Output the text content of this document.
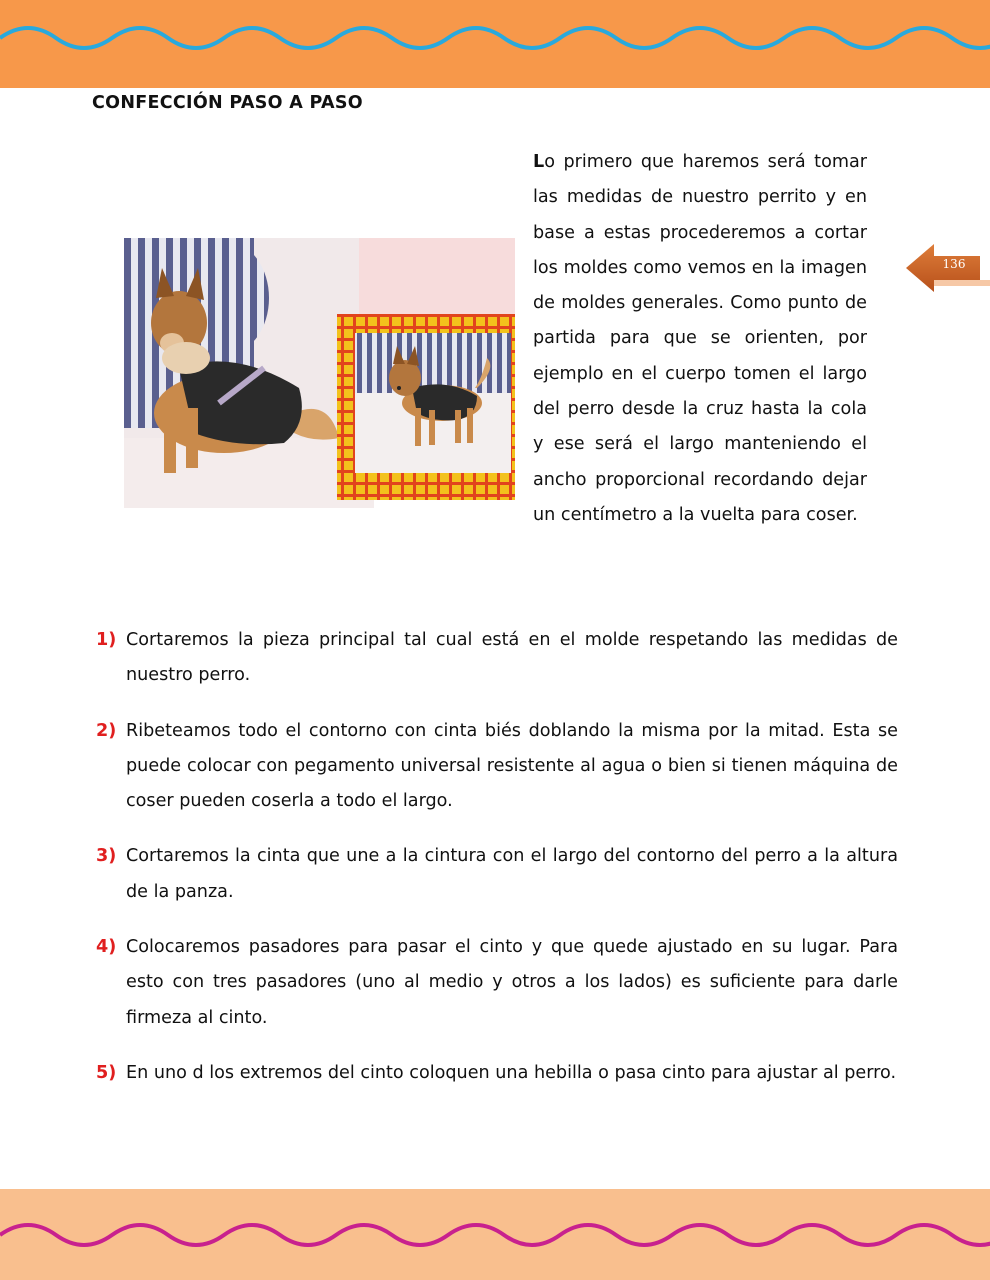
CONFECCIÓN PASO A PASO

Lo primero que haremos será tomar las medidas de nuestro perrito y en base a estas procederemos a cortar los moldes como vemos en la imagen de moldes generales. Como punto de partida para que se orienten, por ejemplo en el cuerpo tomen el largo del perro desde la cruz hasta la cola y ese será el largo manteniendo el ancho proporcional recordando dejar un centímetro a la vuelta para coser.

136
1) Cortaremos la pieza principal tal cual está en el molde respetando las medidas de nuestro perro.
2) Ribeteamos todo el contorno con cinta biés doblando la misma por la mitad. Esta se puede colocar con pegamento universal resistente al agua o bien si tienen máquina de coser pueden coserla a todo el largo.
3) Cortaremos la cinta que une a la cintura con el largo del contorno del perro a la altura de la panza.
4) Colocaremos pasadores para pasar el cinto y que quede ajustado en su lugar. Para esto con tres pasadores (uno al medio y otros a los lados) es suficiente para darle firmeza al cinto.
5) En uno d los extremos del cinto coloquen una hebilla o pasa cinto para ajustar al perro.
